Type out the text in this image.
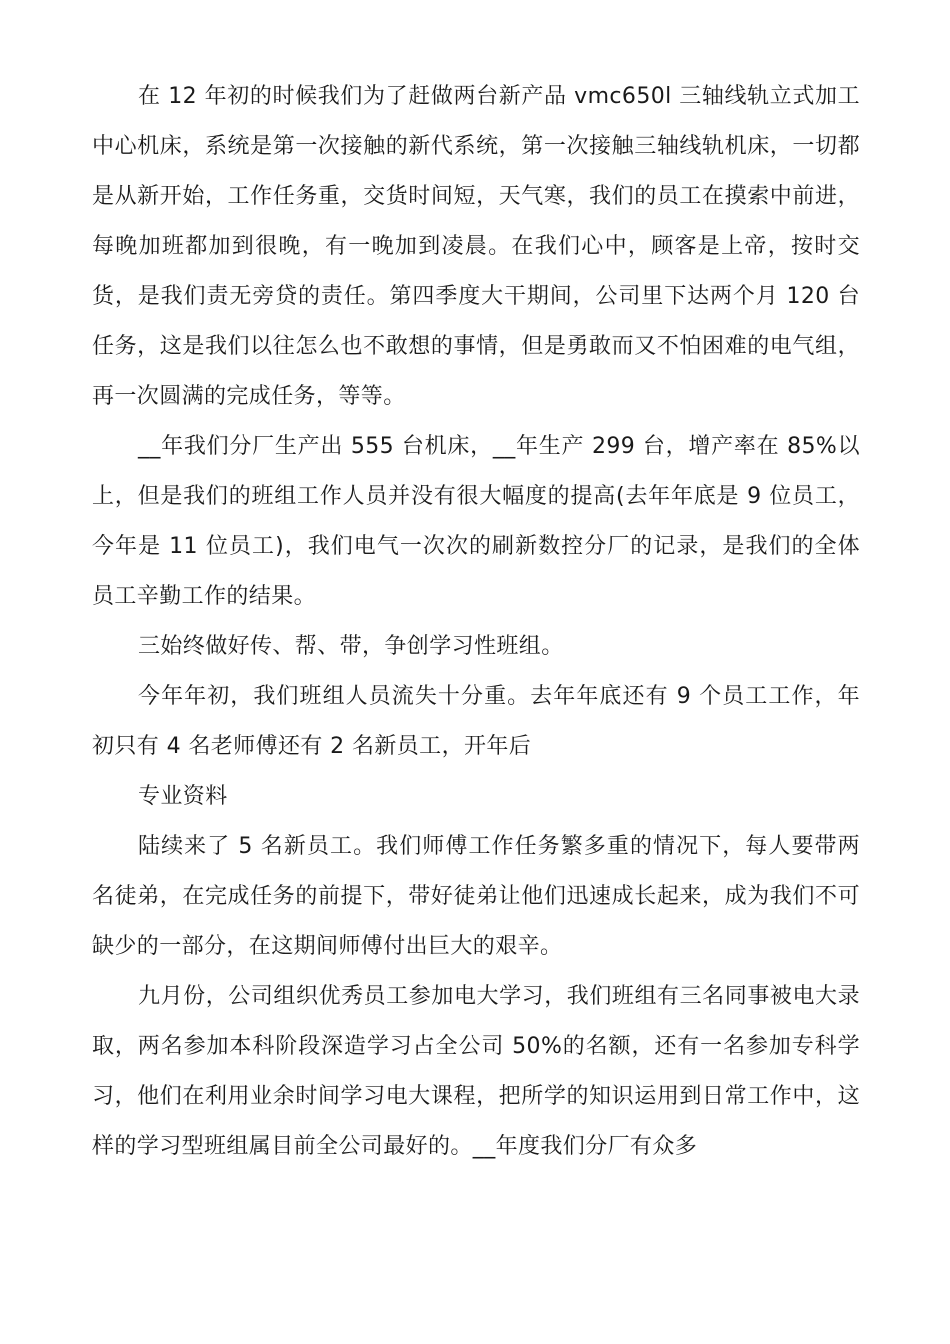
在 12 年初的时候我们为了赶做两台新产品 vmc650l 三轴线轨立式加工中心机床，系统是第一次接触的新代系统，第一次接触三轴线轨机床，一切都是从新开始，工作任务重，交货时间短，天气寒，我们的员工在摸索中前进，每晚加班都加到很晚，有一晚加到凌晨。在我们心中，顾客是上帝，按时交货，是我们责无旁贷的责任。第四季度大干期间，公司里下达两个月 120 台任务，这是我们以往怎么也不敢想的事情，但是勇敢而又不怕困难的电气组，再一次圆满的完成任务，等等。

__年我们分厂生产出 555 台机床，__年生产 299 台，增产率在 85%以上，但是我们的班组工作人员并没有很大幅度的提高(去年年底是 9 位员工，今年是 11 位员工)，我们电气一次次的刷新数控分厂的记录，是我们的全体员工辛勤工作的结果。

三始终做好传、帮、带，争创学习性班组。

今年年初，我们班组人员流失十分重。去年年底还有 9 个员工工作，年初只有 4 名老师傅还有 2 名新员工，开年后

专业资料

陆续来了 5 名新员工。我们师傅工作任务繁多重的情况下，每人要带两名徒弟，在完成任务的前提下，带好徒弟让他们迅速成长起来，成为我们不可缺少的一部分，在这期间师傅付出巨大的艰辛。

九月份，公司组织优秀员工参加电大学习，我们班组有三名同事被电大录取，两名参加本科阶段深造学习占全公司 50%的名额，还有一名参加专科学习，他们在利用业余时间学习电大课程，把所学的知识运用到日常工作中，这样的学习型班组属目前全公司最好的。__年度我们分厂有众多
